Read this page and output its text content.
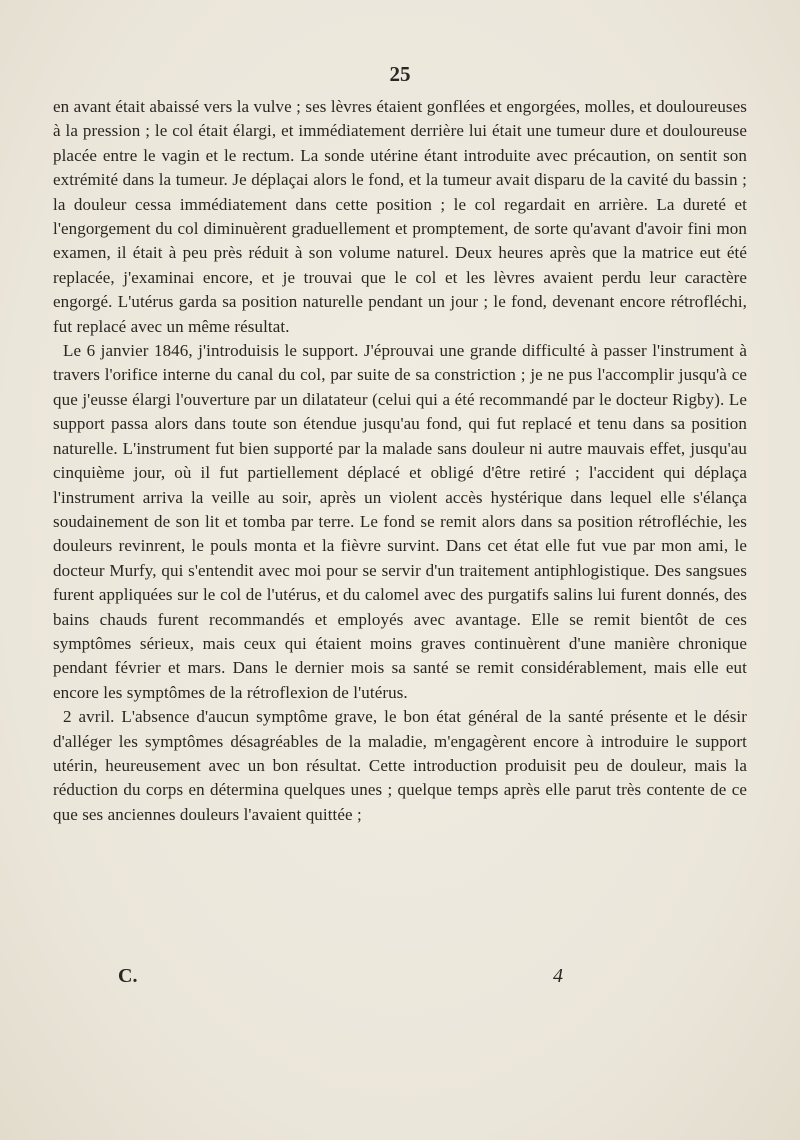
25

en avant était abaissé vers la vulve ; ses lèvres étaient gonflées et engorgées, molles, et douloureuses à la pression ; le col était élargi, et immédiatement derrière lui était une tumeur dure et douloureuse placée entre le vagin et le rectum. La sonde utérine étant introduite avec précaution, on sentit son extrémité dans la tumeur. Je déplaçai alors le fond, et la tumeur avait disparu de la cavité du bassin ; la douleur cessa immédiatement dans cette position ; le col regardait en arrière. La dureté et l'engorgement du col diminuèrent graduellement et promptement, de sorte qu'avant d'avoir fini mon examen, il était à peu près réduit à son volume naturel. Deux heures après que la matrice eut été replacée, j'examinai encore, et je trouvai que le col et les lèvres avaient perdu leur caractère engorgé. L'utérus garda sa position naturelle pendant un jour ; le fond, devenant encore rétrofléchi, fut replacé avec un même résultat.

Le 6 janvier 1846, j'introduisis le support. J'éprouvai une grande difficulté à passer l'instrument à travers l'orifice interne du canal du col, par suite de sa constriction ; je ne pus l'accomplir jusqu'à ce que j'eusse élargi l'ouverture par un dilatateur (celui qui a été recommandé par le docteur Rigby). Le support passa alors dans toute son étendue jusqu'au fond, qui fut replacé et tenu dans sa position naturelle. L'instrument fut bien supporté par la malade sans douleur ni autre mauvais effet, jusqu'au cinquième jour, où il fut partiellement déplacé et obligé d'être retiré ; l'accident qui déplaça l'instrument arriva la veille au soir, après un violent accès hystérique dans lequel elle s'élança soudainement de son lit et tomba par terre. Le fond se remit alors dans sa position rétrofléchie, les douleurs revinrent, le pouls monta et la fièvre survint. Dans cet état elle fut vue par mon ami, le docteur Murfy, qui s'entendit avec moi pour se servir d'un traitement antiphlogistique. Des sangsues furent appliquées sur le col de l'utérus, et du calomel avec des purgatifs salins lui furent donnés, des bains chauds furent recommandés et employés avec avantage. Elle se remit bientôt de ces symptômes sérieux, mais ceux qui étaient moins graves continuèrent d'une manière chronique pendant février et mars. Dans le dernier mois sa santé se remit considérablement, mais elle eut encore les symptômes de la rétroflexion de l'utérus.

2 avril. L'absence d'aucun symptôme grave, le bon état général de la santé présente et le désir d'alléger les symptômes désagréables de la maladie, m'engagèrent encore à introduire le support utérin, heureusement avec un bon résultat. Cette introduction produisit peu de douleur, mais la réduction du corps en détermina quelques unes ; quelque temps après elle parut très contente de ce que ses anciennes douleurs l'avaient quittée ;

C.	4
